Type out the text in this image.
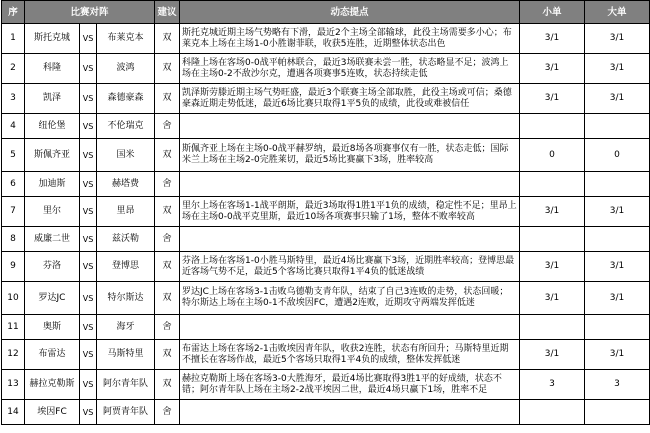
序	比赛对阵			建议	动态提点	小单	大单
1	斯托克城	VS	布莱克本	双	斯托克城近期主场气势略有下滑，最近2个主场全部输球，此役主场需要多小心；布莱克本上场在主场1-0小胜谢菲联，收获5连胜，近期整体状态出色	3/1	3/1
2	科隆	VS	波鸿	双	科隆上场在客场0-0战平帕林联合，最近3场联赛未尝一胜，状态略显不足；波鸿上场在主场0-2不敌沙尔克，遭遇各项赛事5连败，状态持续走低	3/1	3/1
3	凯泽	VS	森德豪森	双	凯泽斯劳滕近期主场气势旺盛，最近3个联赛主场全部取胜，此役主场或可信；桑德豪森近期走势低迷，最近6场比赛只取得1平5负的成绩，此役或难被信任	3/1	3/1
4	纽伦堡	VS	不伦瑞克	舍			
5	斯佩齐亚	VS	国米	双	斯佩齐亚上场在主场0-0战平赫罗纳，最近8场各项赛事仅有一胜，状态走低；国际米兰上场在主场2-0完胜莱切，最近5场比赛赢下3场，胜率较高	0	0
6	加迪斯	VS	赫塔费	舍			
7	里尔	VS	里昂	双	里尔上场在客场1-1战平朗斯，最近3场取得1胜1平1负的成绩，稳定性不足；里昂上场在主场0-0战平克里斯，最近10场各项赛事只输了1场，整体不败率较高	3/1	3/1
8	威廉二世	VS	兹沃勒	舍			
9	芬洛	VS	登博思	双	芬洛上场在客场1-0小胜马斯特里，最近4场比赛赢下3场，近期胜率较高；登博思最近客场气势不足，最近5个客场比赛只取得1平4负的低迷战绩	3/1	3/1
10	罗达JC	VS	特尔斯达	双	罗达JC上场在客场3-1击败乌德勒支青年队，结束了自己3连败的走势，状态回暖；特尔斯达上场在主场0-1不敌埃因FC，遭遇2连败，近期攻守两端发挥低迷	3/1	3/1
11	奥斯	VS	海牙	舍			
12	布雷达	VS	马斯特里	双	布雷达上场在客场2-1击败埃因青年队，收获2连胜，状态有所回升；马斯特里近期不擅长在客场作战，最近5个客场只取得1平4负的成绩，整体发挥低迷	3/1	3/1
13	赫拉克勒斯	VS	阿尔青年队	双	赫拉克勒斯上场在客场3-0大胜海牙，最近4场比赛取得3胜1平的好成绩，状态不错；阿尔青年队上场在主场2-2战平埃因二世，最近4场只赢下1场，胜率不足	3	3
14	埃因FC	VS	阿贾青年队	舍			
